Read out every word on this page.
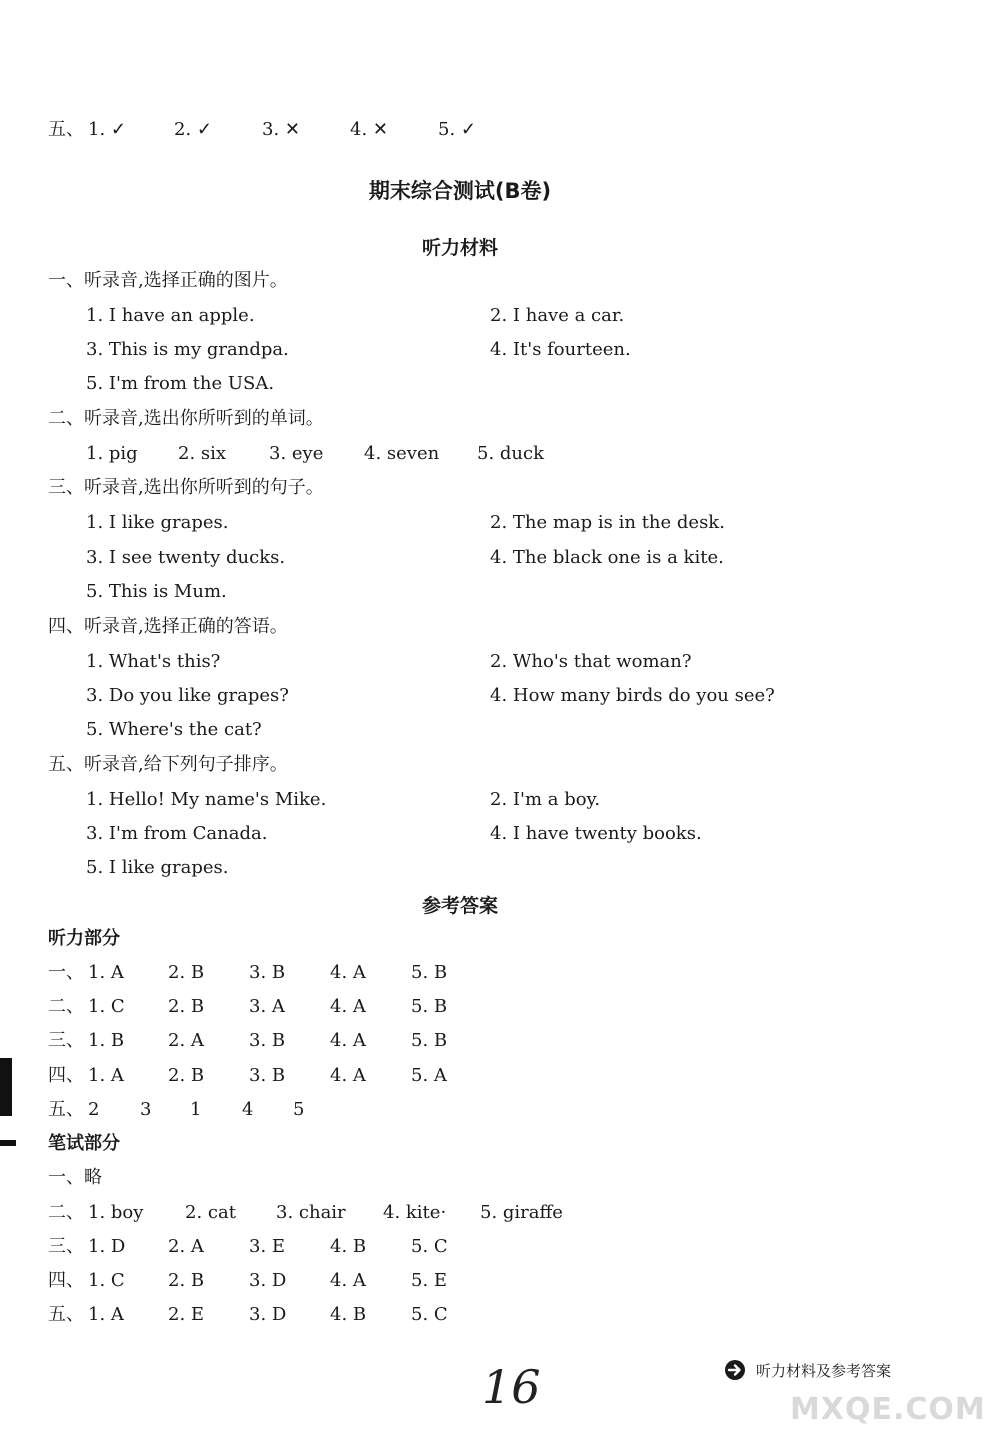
五、 1. ✓	2. ✓	3. ✕	4. ✕	5. ✓
期末综合测试(B卷)
听力材料
一、听录音,选择正确的图片。
1. I have an apple.	2. I have a car.
3. This is my grandpa.	4. It's fourteen.
5. I'm from the USA.
二、听录音,选出你所听到的单词。
1. pig 2. six 3. eye 4. seven 5. duck
三、听录音,选出你所听到的句子。
1. I like grapes.	2. The map is in the desk.
3. I see twenty ducks.	4. The black one is a kite.
5. This is Mum.
四、听录音,选择正确的答语。
1. What's this?	2. Who's that woman?
3. Do you like grapes?	4. How many birds do you see?
5. Where's the cat?
五、听录音,给下列句子排序。
1. Hello! My name's Mike.	2. I'm a boy.
3. I'm from Canada.	4. I have twenty books.
5. I like grapes.
参考答案
听力部分
一、 1. A 2. B 3. B 4. A	5. B
二、 1. C 2. B 3. A	4. A	5. B
三、 1. B 2. A	3. B 4. A	5. B
四、 1. A 2. B 3. B 4. A	5. A
五、 2 3 1 4 5
笔试部分
一、略
二、 1. boy 2. cat 3. chair 4. kite· 5. giraffe
三、 1. D 2. A	3. E 4. B 5. C
四、 1. C 2. B 3. D 4. A	5. E
五、 1. A 2. E 3. D 4. B 5. C
16	听力材料及参考答案
MXQE.COM
